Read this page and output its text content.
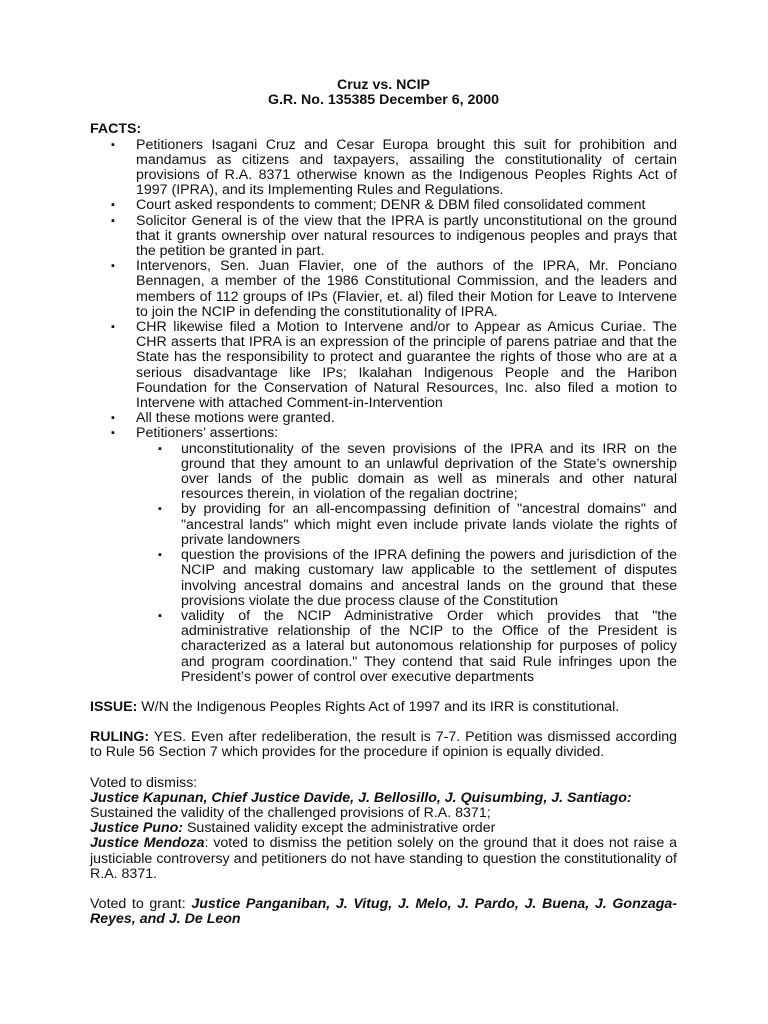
Cruz vs. NCIP

G.R. No. 135385 December 6, 2000

FACTS:

▪ Petitioners Isagani Cruz and Cesar Europa brought this suit for prohibition and mandamus as citizens and taxpayers, assailing the constitutionality of certain provisions of R.A. 8371 otherwise known as the Indigenous Peoples Rights Act of 1997 (IPRA), and its Implementing Rules and Regulations.
▪ Court asked respondents to comment; DENR & DBM filed consolidated comment
▪ Solicitor General is of the view that the IPRA is partly unconstitutional on the ground that it grants ownership over natural resources to indigenous peoples and prays that the petition be granted in part.
▪ Intervenors, Sen. Juan Flavier, one of the authors of the IPRA, Mr. Ponciano Bennagen, a member of the 1986 Constitutional Commission, and the leaders and members of 112 groups of IPs (Flavier, et. al) filed their Motion for Leave to Intervene to join the NCIP in defending the constitutionality of IPRA.
▪ CHR likewise filed a Motion to Intervene and/or to Appear as Amicus Curiae. The CHR asserts that IPRA is an expression of the principle of parens patriae and that the State has the responsibility to protect and guarantee the rights of those who are at a serious disadvantage like IPs; Ikalahan Indigenous People and the Haribon Foundation for the Conservation of Natural Resources, Inc. also filed a motion to Intervene with attached Comment-in-Intervention
▪ All these motions were granted.
▪ Petitioners’ assertions:
▪ unconstitutionality of the seven provisions of the IPRA and its IRR on the ground that they amount to an unlawful deprivation of the State’s ownership over lands of the public domain as well as minerals and other natural resources therein, in violation of the regalian doctrine;
▪ by providing for an all-encompassing definition of "ancestral domains" and "ancestral lands" which might even include private lands violate the rights of private landowners
▪ question the provisions of the IPRA defining the powers and jurisdiction of the NCIP and making customary law applicable to the settlement of disputes involving ancestral domains and ancestral lands on the ground that these provisions violate the due process clause of the Constitution
▪ validity of the NCIP Administrative Order which provides that "the administrative relationship of the NCIP to the Office of the President is characterized as a lateral but autonomous relationship for purposes of policy and program coordination." They contend that said Rule infringes upon the President’s power of control over executive departments

ISSUE: W/N the Indigenous Peoples Rights Act of 1997 and its IRR is constitutional.

RULING: YES. Even after redeliberation, the result is 7-7. Petition was dismissed according to Rule 56 Section 7 which provides for the procedure if opinion is equally divided.

Voted to dismiss:

Justice Kapunan, Chief Justice Davide, J. Bellosillo, J. Quisumbing, J. Santiago:

Sustained the validity of the challenged provisions of R.A. 8371;

Justice Puno: Sustained validity except the administrative order

Justice Mendoza: voted to dismiss the petition solely on the ground that it does not raise a justiciable controversy and petitioners do not have standing to question the constitutionality of R.A. 8371.

Voted to grant: Justice Panganiban, J. Vitug, J. Melo, J. Pardo, J. Buena, J. Gonzaga-Reyes, and J. De Leon
